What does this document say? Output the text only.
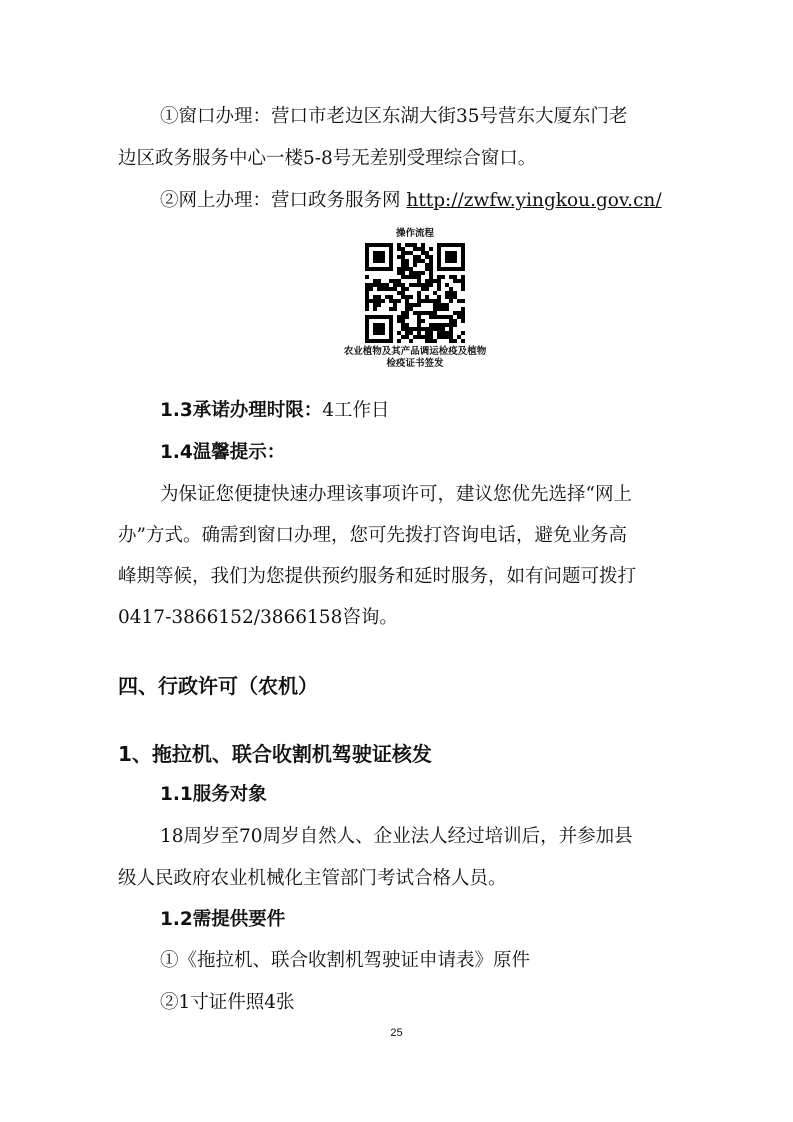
①窗口办理：营口市老边区东湖大街35号营东大厦东门老
边区政务服务中心一楼5-8号无差别受理综合窗口。
②网上办理：营口政务服务网 http://zwfw.yingkou.gov.cn/
操作流程
农业植物及其产品调运检疫及植物
检疫证书签发
1.3承诺办理时限：4工作日
1.4温馨提示：
为保证您便捷快速办理该事项许可，建议您优先选择“网上
办”方式。确需到窗口办理，您可先拨打咨询电话，避免业务高
峰期等候，我们为您提供预约服务和延时服务，如有问题可拨打
0417-3866152/3866158咨询。
四、行政许可（农机）
1、拖拉机、联合收割机驾驶证核发
1.1服务对象
18周岁至70周岁自然人、企业法人经过培训后，并参加县
级人民政府农业机械化主管部门考试合格人员。
1.2需提供要件
①《拖拉机、联合收割机驾驶证申请表》原件
②1寸证件照4张
25
